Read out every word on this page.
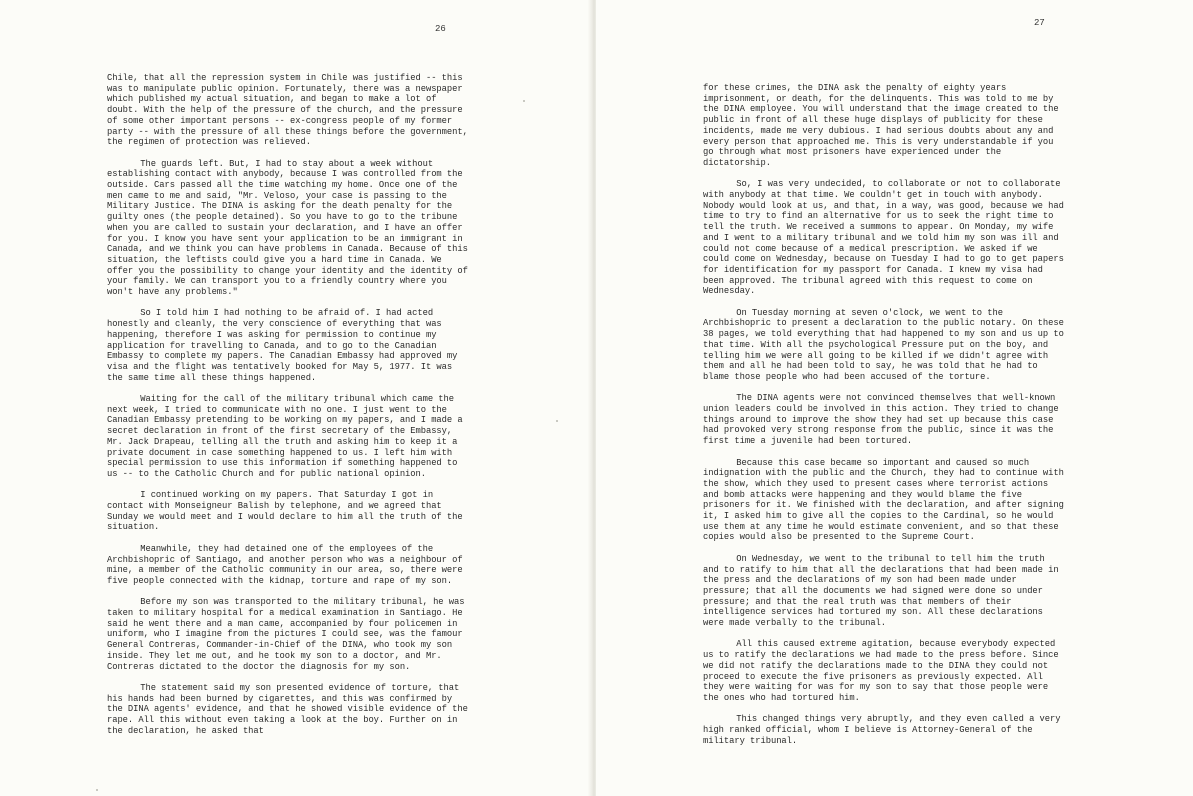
26

Chile, that all the repression system in Chile was justified -- this was to manipulate public opinion. Fortunately, there was a newspaper which published my actual situation, and began to make a lot of doubt. With the help of the pressure of the church, and the pressure of some other important persons -- ex-congress people of my former party -- with the pressure of all these things before the government, the regimen of protection was relieved.

The guards left. But, I had to stay about a week without establishing contact with anybody, because I was controlled from the outside. Cars passed all the time watching my home. Once one of the men came to me and said, "Mr. Veloso, your case is passing to the Military Justice. The DINA is asking for the death penalty for the guilty ones (the people detained). So you have to go to the tribune when you are called to sustain your declaration, and I have an offer for you. I know you have sent your application to be an immigrant in Canada, and we think you can have problems in Canada. Because of this situation, the leftists could give you a hard time in Canada. We offer you the possibility to change your identity and the identity of your family. We can transport you to a friendly country where you won't have any problems."

So I told him I had nothing to be afraid of. I had acted honestly and cleanly, the very conscience of everything that was happening, therefore I was asking for permission to continue my application for travelling to Canada, and to go to the Canadian Embassy to complete my papers. The Canadian Embassy had approved my visa and the flight was tentatively booked for May 5, 1977. It was the same time all these things happened.

Waiting for the call of the military tribunal which came the next week, I tried to communicate with no one. I just went to the Canadian Embassy pretending to be working on my papers, and I made a secret declaration in front of the first secretary of the Embassy, Mr. Jack Drapeau, telling all the truth and asking him to keep it a private document in case something happened to us. I left him with special permission to use this information if something happened to us -- to the Catholic Church and for public national opinion.

I continued working on my papers. That Saturday I got in contact with Monseigneur Balish by telephone, and we agreed that Sunday we would meet and I would declare to him all the truth of the situation.

Meanwhile, they had detained one of the employees of the Archbishopric of Santiago, and another person who was a neighbour of mine, a member of the Catholic community in our area, so, there were five people connected with the kidnap, torture and rape of my son.

Before my son was transported to the military tribunal, he was taken to military hospital for a medical examination in Santiago. He said he went there and a man came, accompanied by four policemen in uniform, who I imagine from the pictures I could see, was the famour General Contreras, Commander-in-Chief of the DINA, who took my son inside. They let me out, and he took my son to a doctor, and Mr. Contreras dictated to the doctor the diagnosis for my son.

The statement said my son presented evidence of torture, that his hands had been burned by cigarettes, and this was confirmed by the DINA agents' evidence, and that he showed visible evidence of the rape. All this without even taking a look at the boy. Further on in the declaration, he asked that

27

for these crimes, the DINA ask the penalty of eighty years imprisonment, or death, for the delinquents. This was told to me by the DINA employee. You will understand that the image created to the public in front of all these huge displays of publicity for these incidents, made me very dubious. I had serious doubts about any and every person that approached me. This is very understandable if you go through what most prisoners have experienced under the dictatorship.

So, I was very undecided, to collaborate or not to collaborate with anybody at that time. We couldn't get in touch with anybody. Nobody would look at us, and that, in a way, was good, because we had time to try to find an alternative for us to seek the right time to tell the truth. We received a summons to appear. On Monday, my wife and I went to a military tribunal and we told him my son was ill and could not come because of a medical prescription. We asked if we could come on Wednesday, because on Tuesday I had to go to get papers for identification for my passport for Canada. I knew my visa had been approved. The tribunal agreed with this request to come on Wednesday.

On Tuesday morning at seven o'clock, we went to the Archbishopric to present a declaration to the public notary. On these 38 pages, we told everything that had happened to my son and us up to that time. With all the psychological Pressure put on the boy, and telling him we were all going to be killed if we didn't agree with them and all he had been told to say, he was told that he had to blame those people who had been accused of the torture.

The DINA agents were not convinced themselves that well-known union leaders could be involved in this action. They tried to change things around to improve the show they had set up because this case had provoked very strong response from the public, since it was the first time a juvenile had been tortured.

Because this case became so important and caused so much indignation with the public and the Church, they had to continue with the show, which they used to present cases where terrorist actions and bomb attacks were happening and they would blame the five prisoners for it. We finished with the declaration, and after signing it, I asked him to give all the copies to the Cardinal, so he would use them at any time he would estimate convenient, and so that these copies would also be presented to the Supreme Court.

On Wednesday, we went to the tribunal to tell him the truth and to ratify to him that all the declarations that had been made in the press and the declarations of my son had been made under pressure; that all the documents we had signed were done so under pressure; and that the real truth was that members of their intelligence services had tortured my son. All these declarations were made verbally to the tribunal.

All this caused extreme agitation, because everybody expected us to ratify the declarations we had made to the press before. Since we did not ratify the declarations made to the DINA they could not proceed to execute the five prisoners as previously expected. All they were waiting for was for my son to say that those people were the ones who had tortured him.

This changed things very abruptly, and they even called a very high ranked official, whom I believe is Attorney-General of the military tribunal.
